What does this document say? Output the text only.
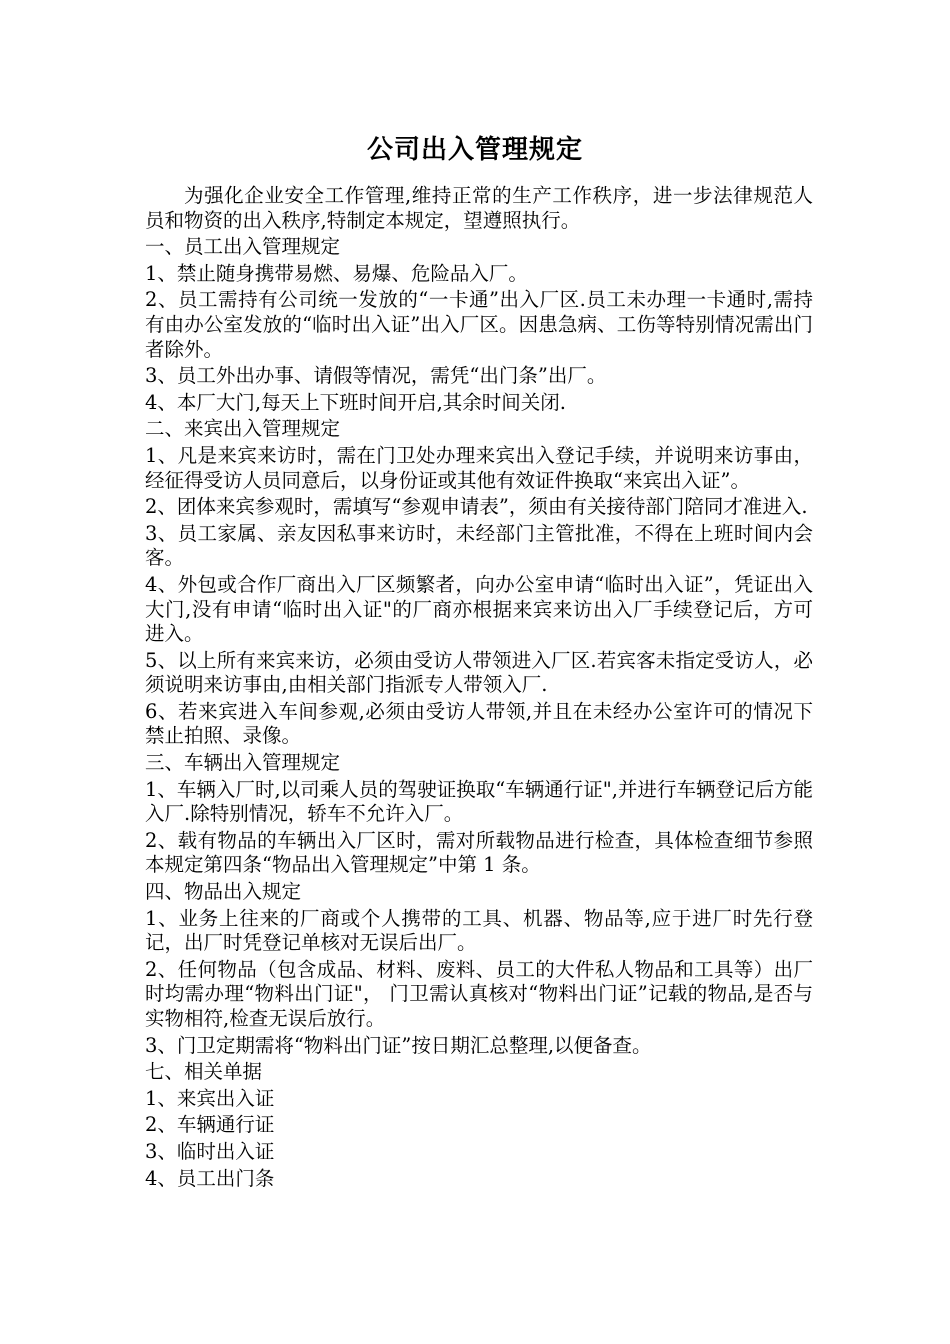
公司出入管理规定

为强化企业安全工作管理,维持正常的生产工作秩序，进一步法律规范人员和物资的出入秩序,特制定本规定，望遵照执行。

一、员工出入管理规定

1、禁止随身携带易燃、易爆、危险品入厂。

2、员工需持有公司统一发放的“一卡通”出入厂区.员工未办理一卡通时,需持有由办公室发放的“临时出入证”出入厂区。因患急病、工伤等特别情况需出门者除外。

3、员工外出办事、请假等情况，需凭“出门条”出厂。

4、本厂大门,每天上下班时间开启,其余时间关闭.

二、来宾出入管理规定

1、凡是来宾来访时，需在门卫处办理来宾出入登记手续，并说明来访事由，经征得受访人员同意后，以身份证或其他有效证件换取“来宾出入证”。

2、团体来宾参观时，需填写“参观申请表”，须由有关接待部门陪同才准进入.

3、员工家属、亲友因私事来访时，未经部门主管批准，不得在上班时间内会客。

4、外包或合作厂商出入厂区频繁者，向办公室申请“临时出入证”，凭证出入大门,没有申请“临时出入证"的厂商亦根据来宾来访出入厂手续登记后，方可进入。

5、以上所有来宾来访，必须由受访人带领进入厂区.若宾客未指定受访人，必须说明来访事由,由相关部门指派专人带领入厂.

6、若来宾进入车间参观,必须由受访人带领,并且在未经办公室许可的情况下禁止拍照、录像。

三、车辆出入管理规定

1、车辆入厂时,以司乘人员的驾驶证换取“车辆通行证",并进行车辆登记后方能入厂.除特别情况，轿车不允许入厂。

2、载有物品的车辆出入厂区时，需对所载物品进行检查，具体检查细节参照本规定第四条“物品出入管理规定”中第 1 条。

四、物品出入规定

1、业务上往来的厂商或个人携带的工具、机器、物品等,应于进厂时先行登记，出厂时凭登记单核对无误后出厂。

2、任何物品（包含成品、材料、废料、员工的大件私人物品和工具等）出厂时均需办理“物料出门证"， 门卫需认真核对“物料出门证”记载的物品,是否与实物相符,检查无误后放行。

3、门卫定期需将“物料出门证”按日期汇总整理,以便备查。

七、相关单据

1、来宾出入证

2、车辆通行证

3、临时出入证

4、员工出门条
